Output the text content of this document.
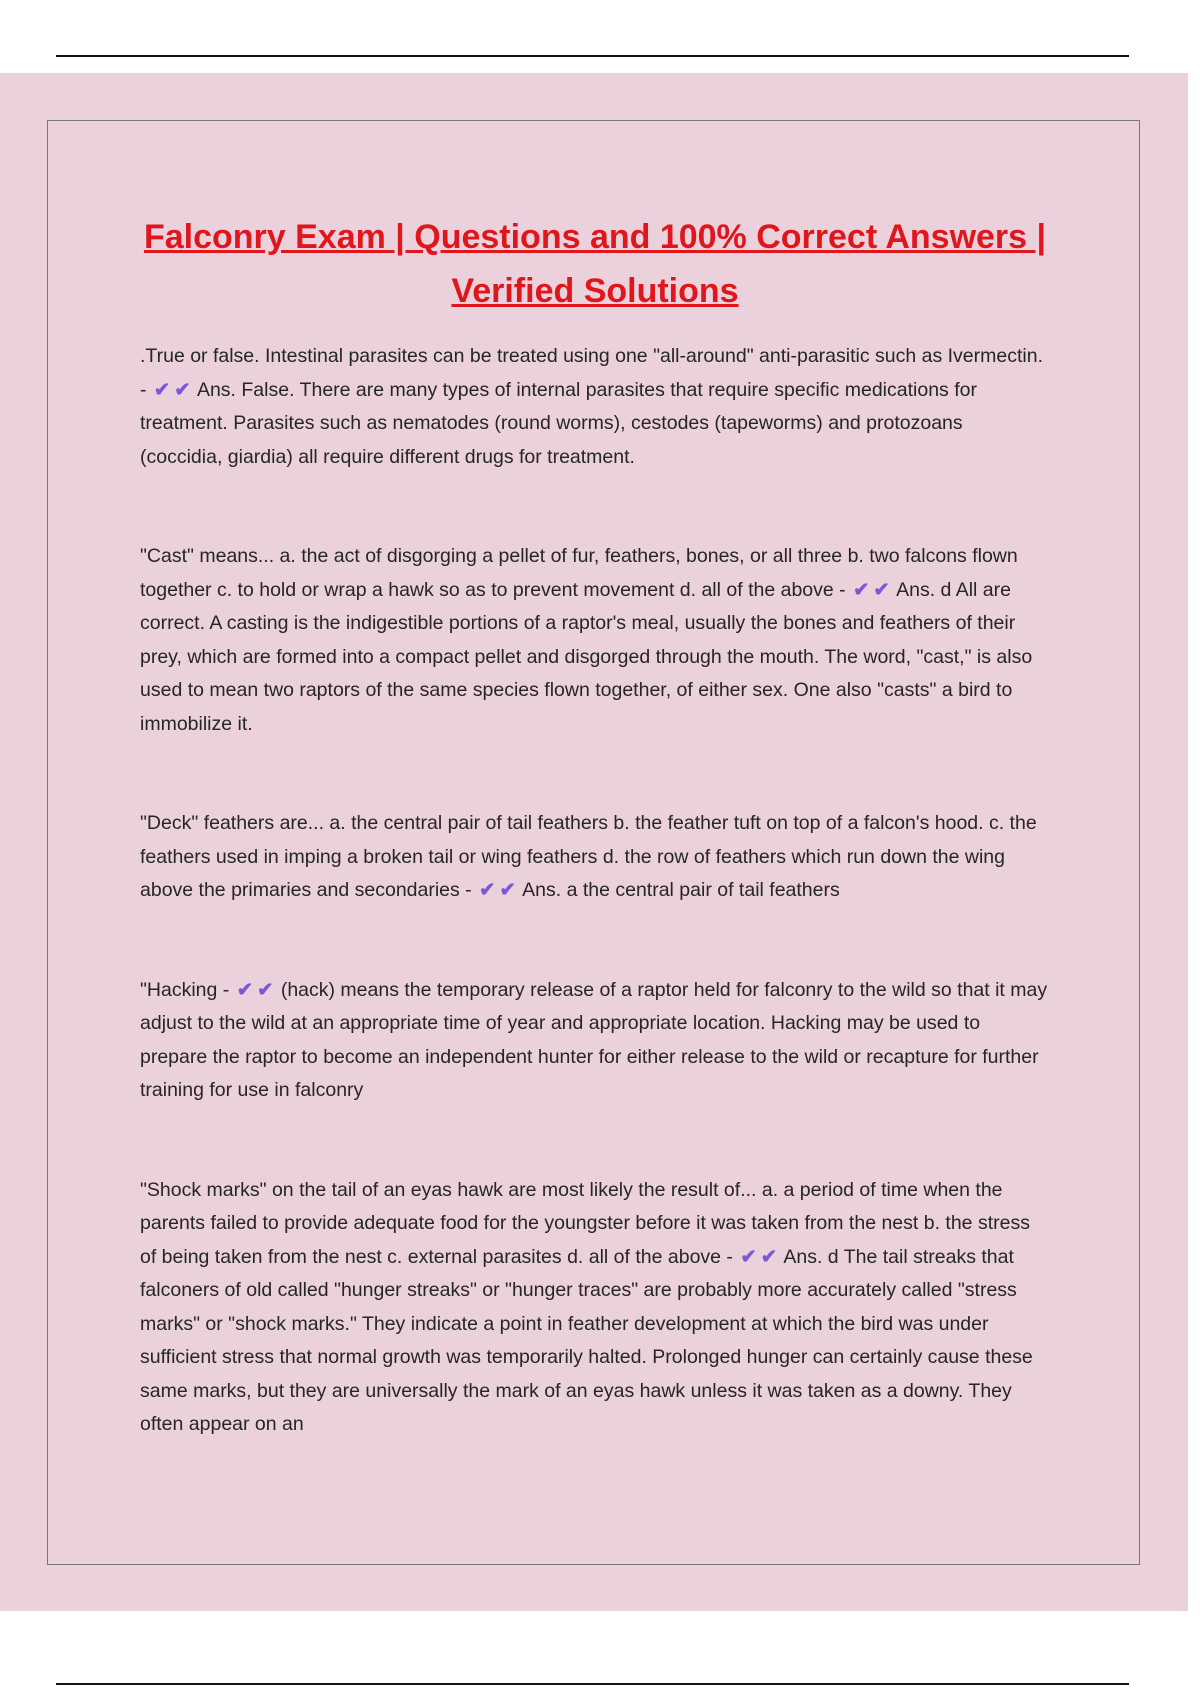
Falconry Exam | Questions and 100% Correct Answers | Verified Solutions

.True or false. Intestinal parasites can be treated using one "all-around" anti-parasitic such as Ivermectin. - ✔ ✔ Ans. False. There are many types of internal parasites that require specific medications for treatment. Parasites such as nematodes (round worms), cestodes (tapeworms) and protozoans (coccidia, giardia) all require different drugs for treatment.

"Cast" means... a. the act of disgorging a pellet of fur, feathers, bones, or all three b. two falcons flown together c. to hold or wrap a hawk so as to prevent movement d. all of the above - ✔ ✔ Ans. d All are correct. A casting is the indigestible portions of a raptor's meal, usually the bones and feathers of their prey, which are formed into a compact pellet and disgorged through the mouth. The word, "cast," is also used to mean two raptors of the same species flown together, of either sex. One also "casts" a bird to immobilize it.

"Deck" feathers are... a. the central pair of tail feathers b. the feather tuft on top of a falcon's hood. c. the feathers used in imping a broken tail or wing feathers d. the row of feathers which run down the wing above the primaries and secondaries - ✔ ✔ Ans. a the central pair of tail feathers

"Hacking - ✔ ✔ (hack) means the temporary release of a raptor held for falconry to the wild so that it may adjust to the wild at an appropriate time of year and appropriate location. Hacking may be used to prepare the raptor to become an independent hunter for either release to the wild or recapture for further training for use in falconry

"Shock marks" on the tail of an eyas hawk are most likely the result of... a. a period of time when the parents failed to provide adequate food for the youngster before it was taken from the nest b. the stress of being taken from the nest c. external parasites d. all of the above - ✔ ✔ Ans. d The tail streaks that falconers of old called "hunger streaks" or "hunger traces" are probably more accurately called "stress marks" or "shock marks." They indicate a point in feather development at which the bird was under sufficient stress that normal growth was temporarily halted. Prolonged hunger can certainly cause these same marks, but they are universally the mark of an eyas hawk unless it was taken as a downy. They often appear on an
